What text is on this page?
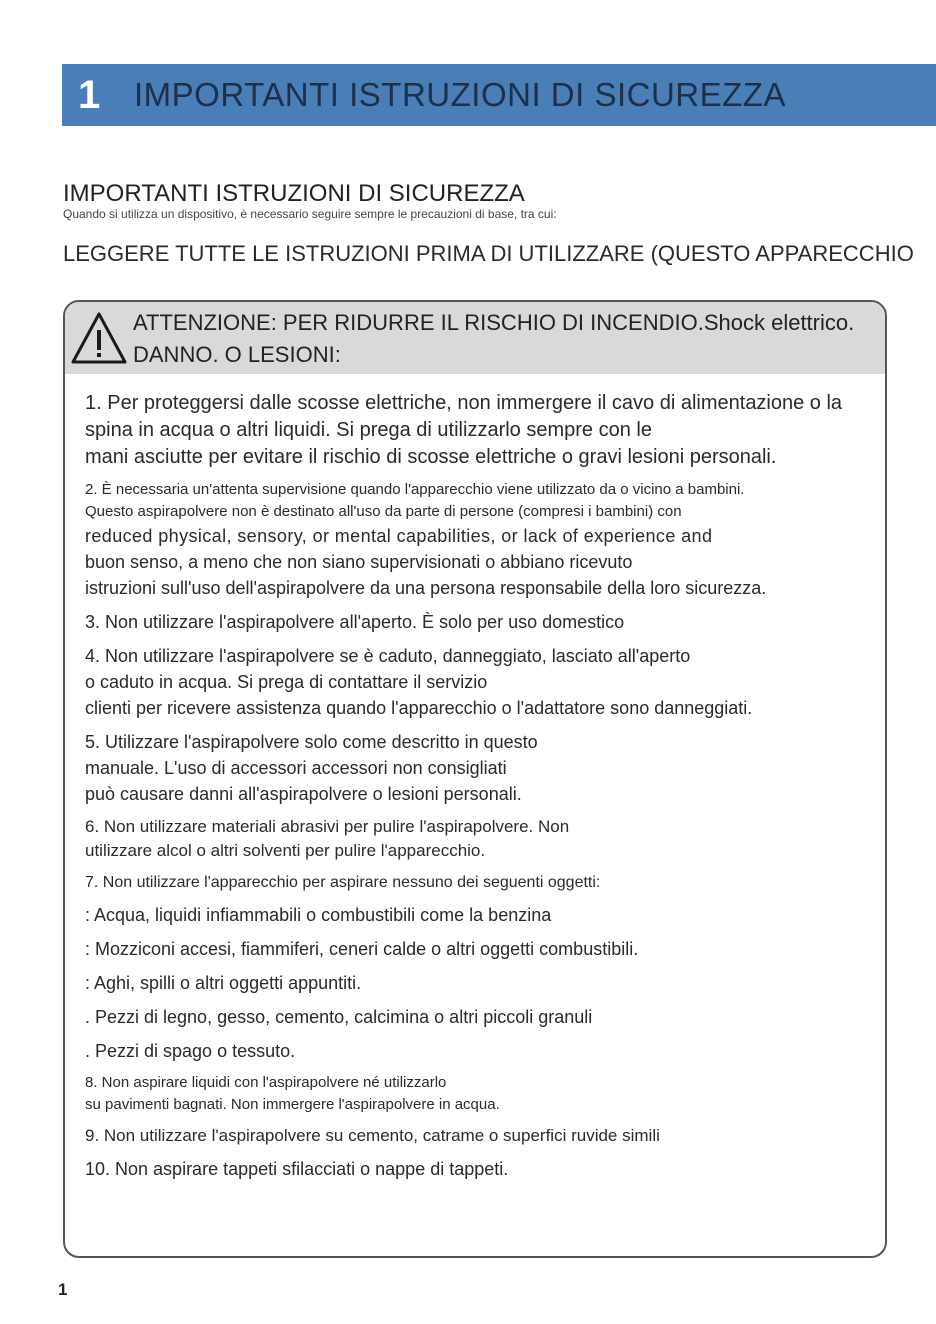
1	IMPORTANTI ISTRUZIONI DI SICUREZZA
IMPORTANTI ISTRUZIONI DI SICUREZZA
Quando si utilizza un dispositivo, è necessario seguire sempre le precauzioni di base, tra cui:
LEGGERE TUTTE LE ISTRUZIONI PRIMA DI UTILIZZARE (QUESTO APPARECCHIO
ATTENZIONE: PER RIDURRE IL RISCHIO DI INCENDIO.Shock elettrico.
DANNO. O LESIONI:
1. Per proteggersi dalle scosse elettriche, non immergere il cavo di alimentazione o la
spina in acqua o altri liquidi. Si prega di utilizzarlo sempre con le
mani asciutte per evitare il rischio di scosse elettriche o gravi lesioni personali.
2. È necessaria un'attenta supervisione quando l'apparecchio viene utilizzato da o vicino a bambini.
Questo aspirapolvere non è destinato all'uso da parte di persone (compresi i bambini) con
reduced physical, sensory, or mental capabilities, or lack of experience and
buon senso, a meno che non siano supervisionati o abbiano ricevuto
istruzioni sull'uso dell'aspirapolvere da una persona responsabile della loro sicurezza.
3. Non utilizzare l'aspirapolvere all'aperto. È solo per uso domestico
4. Non utilizzare l'aspirapolvere se è caduto, danneggiato, lasciato all'aperto
o caduto in acqua. Si prega di contattare il servizio
clienti per ricevere assistenza quando l'apparecchio o l'adattatore sono danneggiati.
5. Utilizzare l'aspirapolvere solo come descritto in questo
manuale. L'uso di accessori accessori non consigliati
può causare danni all'aspirapolvere o lesioni personali.
6. Non utilizzare materiali abrasivi per pulire l'aspirapolvere. Non
utilizzare alcol o altri solventi per pulire l'apparecchio.
7. Non utilizzare l'apparecchio per aspirare nessuno dei seguenti oggetti:
: Acqua, liquidi infiammabili o combustibili come la benzina
: Mozziconi accesi, fiammiferi, ceneri calde o altri oggetti combustibili.
: Aghi, spilli o altri oggetti appuntiti.
. Pezzi di legno, gesso, cemento, calcimina o altri piccoli granuli
. Pezzi di spago o tessuto.
8. Non aspirare liquidi con l'aspirapolvere né utilizzarlo
su pavimenti bagnati. Non immergere l'aspirapolvere in acqua.
9. Non utilizzare l'aspirapolvere su cemento, catrame o superfici ruvide simili
10. Non aspirare tappeti sfilacciati o nappe di tappeti.
1
